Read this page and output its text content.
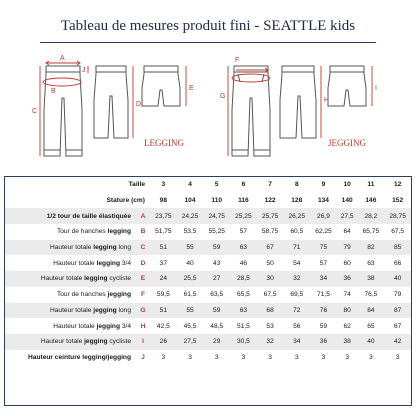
Tableau de mesures produit fini - SEATTLE kids
A
B
C
J
D
E
LEGGING
F
G
H
I
JEGGING
Taille		3	4	5	6	7	8	9	10	11	12
Stature (cm)		98	104	110	116	122	128	134	140	146	152
1/2 tour de taille élastiquée	A	23,75	24,25	24,75	25,25	25,75	26,25	26,9	27,5	28,2	28,75
Tour de hanches legging	B	51,75	53,5	55,25	57	58,75	60,5	62,25	64	65,75	67,5
Hauteur totale legging long	C	51	55	59	63	67	71	75	79	82	85
Hauteur totale legging 3/4	D	37	40	43	46	50	54	57	60	63	66
Hauteur totale legging cycliste	E	24	25,5	27	28,5	30	32	34	36	38	40
Tour de hanches jegging	F	59,5	61,5	63,5	65,5	67,5	69,5	71,5	74	76,5	79
Hauteur totale jegging long	G	51	55	59	63	68	72	76	80	84	87
Hauteur totale jegging 3/4	H	42,5	45,5	48,5	51,5	53	56	59	62	65	67
Hauteur totale jegging cycliste	I	26	27,5	29	30,5	32	34	36	38	40	42
Hauteur ceinture legging/jegging	J	3	3	3	3	3	3	3	3	3	3
